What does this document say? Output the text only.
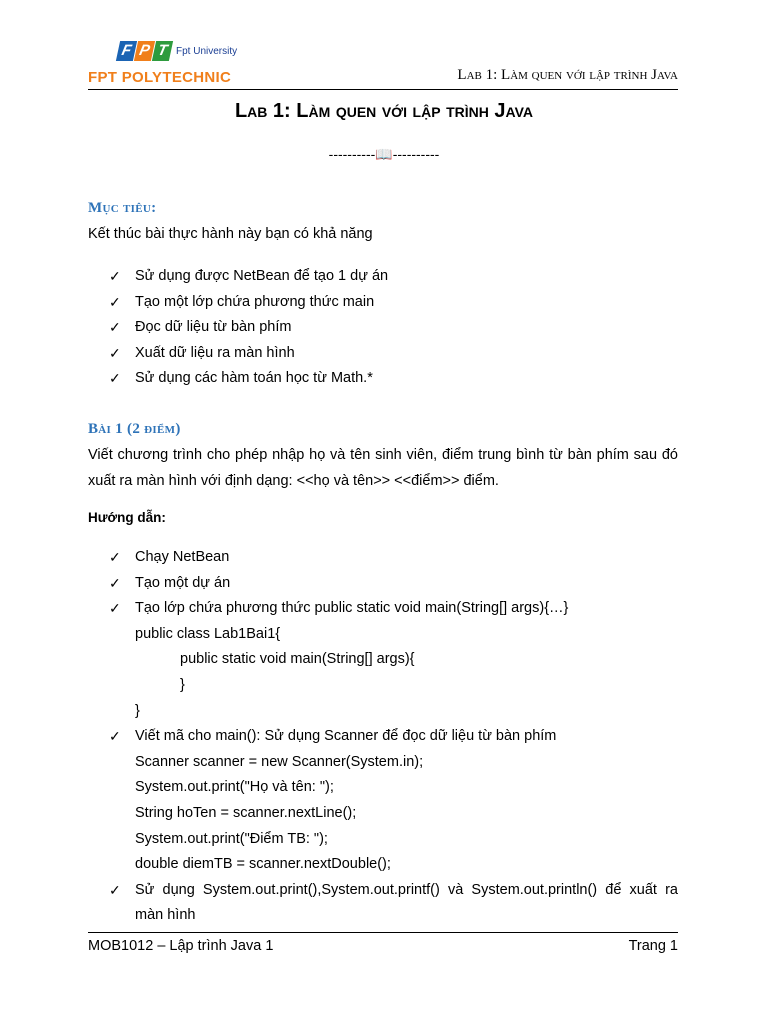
F P T Fpt University
FPT POLYTECHNIC	Lab 1: Làm quen với lập trình Java
Lab 1: Làm quen với lập trình Java
----------📖----------
Mục tiêu:
Kết thúc bài thực hành này bạn có khả năng
✓ Sử dụng được NetBean để tạo 1 dự án
✓ Tạo một lớp chứa phương thức main
✓ Đọc dữ liệu từ bàn phím
✓ Xuất dữ liệu ra màn hình
✓ Sử dụng các hàm toán học từ Math.*
Bài 1 (2 điểm)
Viết chương trình cho phép nhập họ và tên sinh viên, điểm trung bình từ bàn phím sau đó xuất ra màn hình với định dạng: <<họ và tên>> <<điểm>> điểm.
Hướng dẫn:
✓ Chạy NetBean
✓ Tạo một dự án
✓ Tạo lớp chứa phương thức public static void main(String[] args){…}
public class Lab1Bai1{
public static void main(String[] args){
}
}
✓ Viết mã cho main(): Sử dụng Scanner để đọc dữ liệu từ bàn phím
Scanner scanner = new Scanner(System.in);
System.out.print("Họ và tên: ");
String hoTen = scanner.nextLine();
System.out.print("Điểm TB: ");
double diemTB = scanner.nextDouble();
✓ Sử dụng System.out.print(),System.out.printf() và System.out.println() để xuất ra màn hình
MOB1012 – Lập trình Java 1	Trang 1
